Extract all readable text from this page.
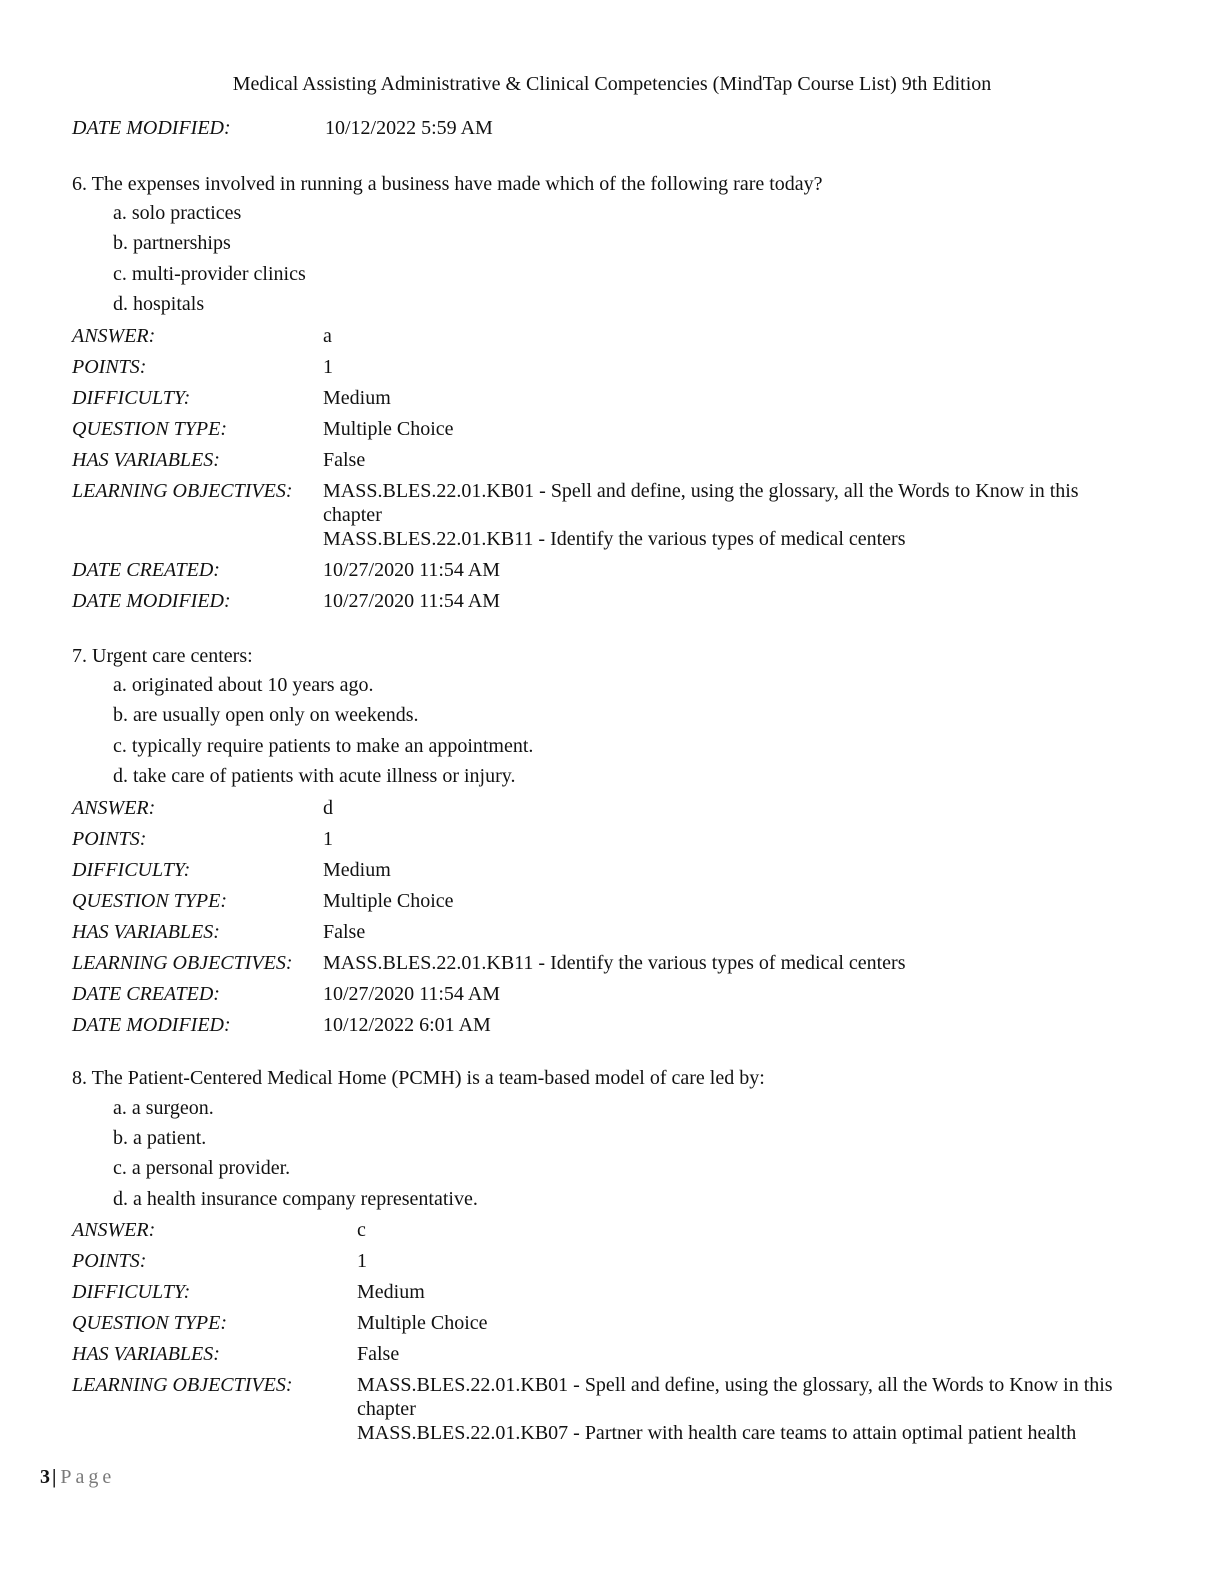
Medical Assisting Administrative & Clinical Competencies (MindTap Course List) 9th Edition
DATE MODIFIED:	10/12/2022 5:59 AM
6. The expenses involved in running a business have made which of the following rare today?
a. solo practices
b. partnerships
c. multi-provider clinics
d. hospitals
ANSWER:	a
POINTS:	1
DIFFICULTY:	Medium
QUESTION TYPE:	Multiple Choice
HAS VARIABLES:	False
LEARNING OBJECTIVES: MASS.BLES.22.01.KB01 - Spell and define, using the glossary, all the Words to Know in this chapter
MASS.BLES.22.01.KB11 - Identify the various types of medical centers
DATE CREATED:	10/27/2020 11:54 AM
DATE MODIFIED:	10/27/2020 11:54 AM
7. Urgent care centers:
a. originated about 10 years ago.
b. are usually open only on weekends.
c. typically require patients to make an appointment.
d. take care of patients with acute illness or injury.
ANSWER:	d
POINTS:	1
DIFFICULTY:	Medium
QUESTION TYPE:	Multiple Choice
HAS VARIABLES:	False
LEARNING OBJECTIVES: MASS.BLES.22.01.KB11 - Identify the various types of medical centers
DATE CREATED:	10/27/2020 11:54 AM
DATE MODIFIED:	10/12/2022 6:01 AM
8. The Patient-Centered Medical Home (PCMH) is a team-based model of care led by:
a. a surgeon.
b. a patient.
c. a personal provider.
d. a health insurance company representative.
ANSWER:	c
POINTS:	1
DIFFICULTY:	Medium
QUESTION TYPE:	Multiple Choice
HAS VARIABLES:	False
LEARNING OBJECTIVES:	MASS.BLES.22.01.KB01 - Spell and define, using the glossary, all the Words to Know in this chapter
MASS.BLES.22.01.KB07 - Partner with health care teams to attain optimal patient health
3 | Page
